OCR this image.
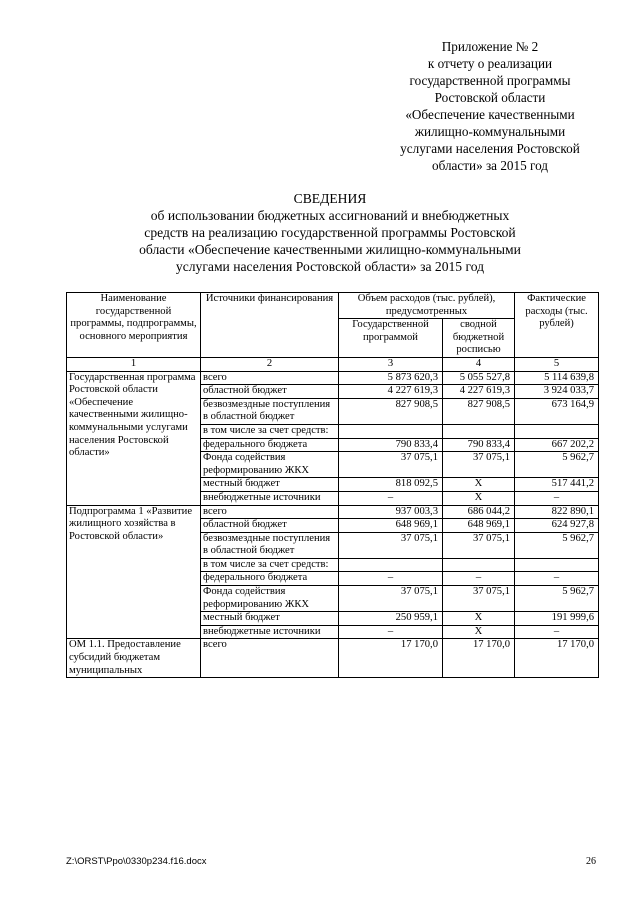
Приложение № 2
к отчету о реализации
государственной программы
Ростовской области
«Обеспечение качественными
жилищно-коммунальными
услугами населения Ростовской
области» за 2015 год
СВЕДЕНИЯ
об использовании бюджетных ассигнований и внебюджетных
средств на реализацию государственной программы Ростовской
области «Обеспечение качественными жилищно-коммунальными
услугами населения Ростовской области» за 2015 год
Наименование государственной программы, подпрограммы, основного мероприятия	Источники финансирования	Объем расходов (тыс. рублей), предусмотренных		Фактические расходы (тыс. рублей)
		Государственной программой	сводной бюджетной росписью	
1	2	3	4	5
Государственная программа Ростовской области «Обеспечение качественными жилищно-коммунальными услугами населения Ростовской области»	всего	5 873 620,3	5 055 527,8	5 114 639,8
	областной бюджет	4 227 619,3	4 227 619,3	3 924 033,7
	безвозмездные поступления в областной бюджет	827 908,5	827 908,5	673 164,9
	в том числе за счет средств:			
	федерального бюджета	790 833,4	790 833,4	667 202,2
	Фонда содействия реформированию ЖКХ	37 075,1	37 075,1	5 962,7
	местный бюджет	818 092,5	X	517 441,2
	внебюджетные источники	–	X	–
Подпрограмма 1 «Развитие жилищного хозяйства в Ростовской области»	всего	937 003,3	686 044,2	822 890,1
	областной бюджет	648 969,1	648 969,1	624 927,8
	безвозмездные поступления в областной бюджет	37 075,1	37 075,1	5 962,7
	в том числе за счет средств:			
	федерального бюджета	–	–	–
	Фонда содействия реформированию ЖКХ	37 075,1	37 075,1	5 962,7
	местный бюджет	250 959,1	X	191 999,6
	внебюджетные источники	–	X	–
ОМ 1.1. Предоставление субсидий бюджетам муниципальных	всего	17 170,0	17 170,0	17 170,0
Z:\ORST\Ppo\0330p234.f16.docx	26
